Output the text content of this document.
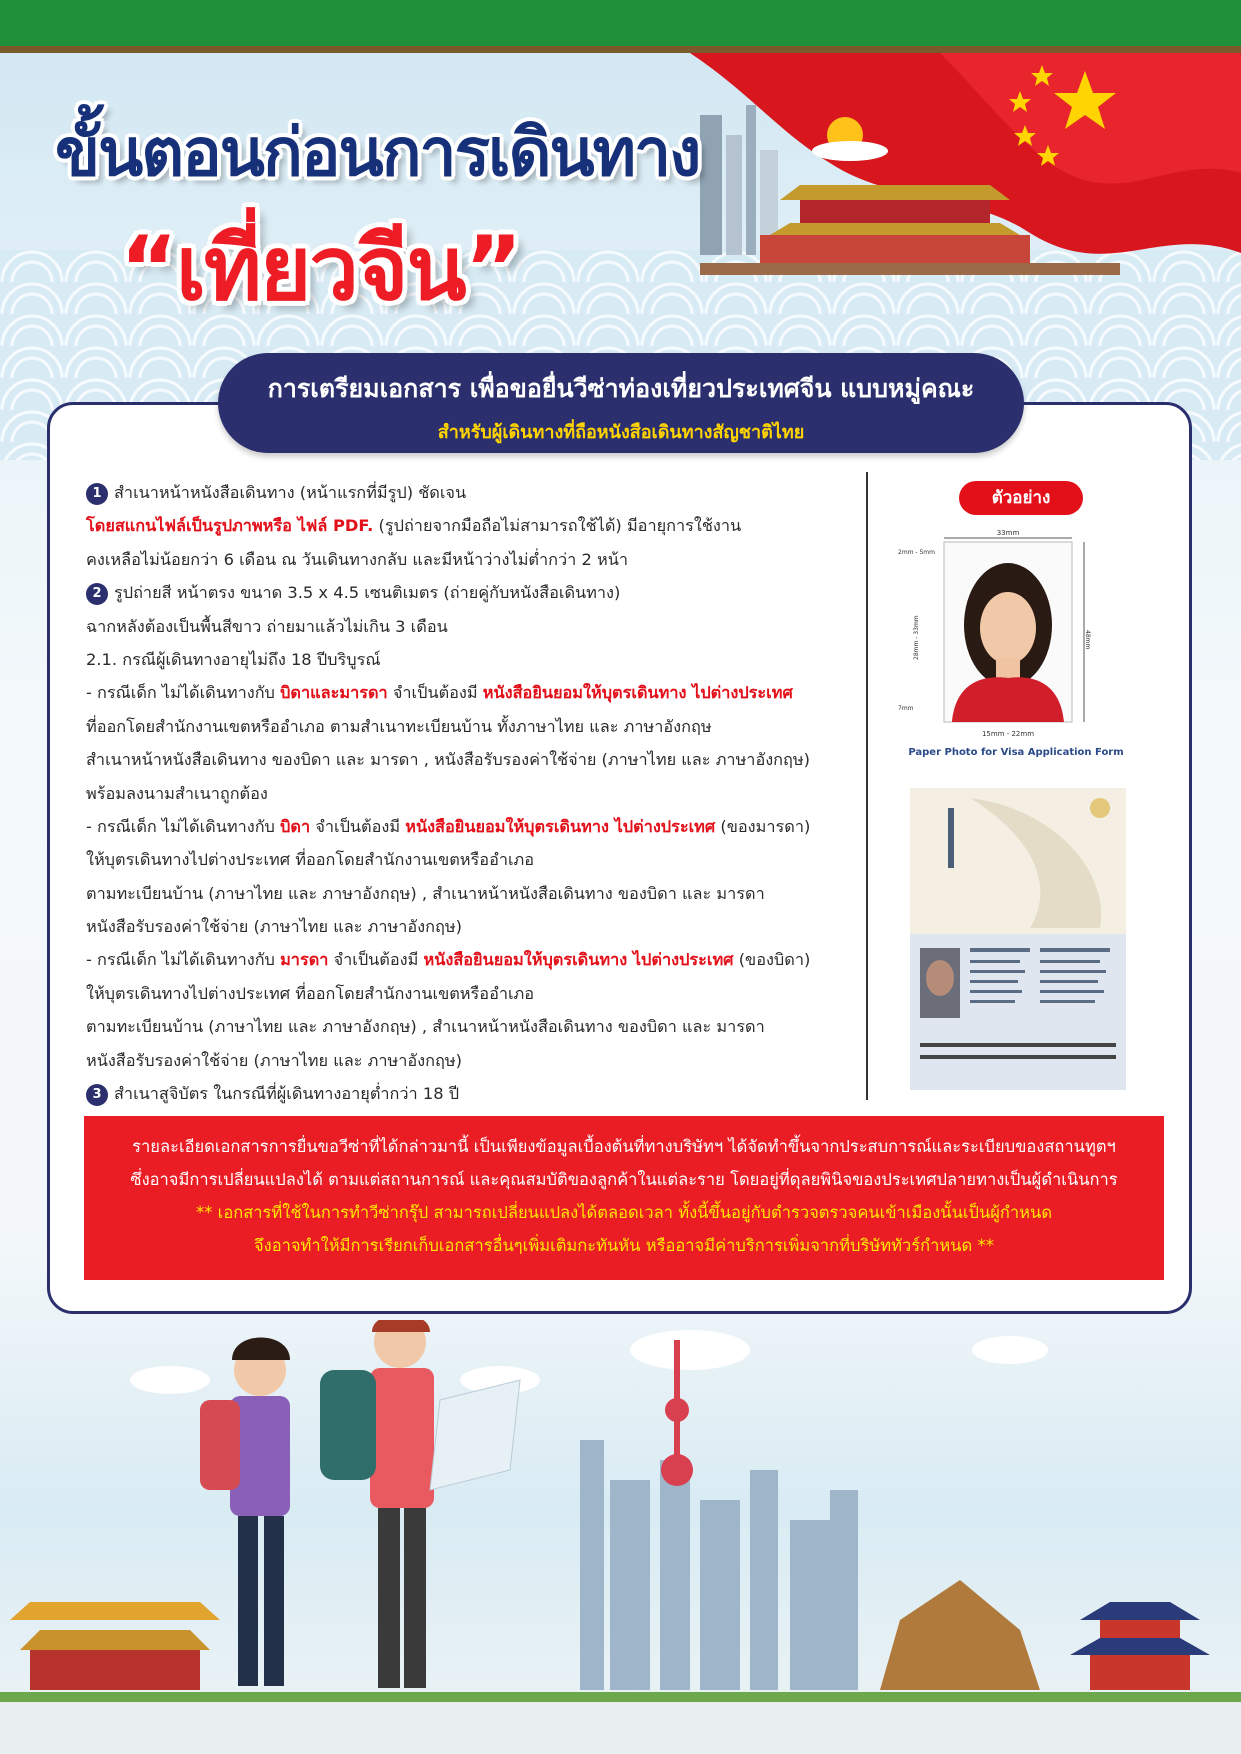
ขั้นตอนก่อนการเดินทาง
“เที่ยวจีน”
การเตรียมเอกสาร เพื่อขอยื่นวีซ่าท่องเที่ยวประเทศจีน แบบหมู่คณะ
สำหรับผู้เดินทางที่ถือหนังสือเดินทางสัญชาติไทย
1 สำเนาหน้าหนังสือเดินทาง (หน้าแรกที่มีรูป) ชัดเจน
โดยสแกนไฟล์เป็นรูปภาพหรือ ไฟล์ PDF. (รูปถ่ายจากมือถือไม่สามารถใช้ได้) มีอายุการใช้งาน
คงเหลือไม่น้อยกว่า 6 เดือน ณ วันเดินทางกลับ และมีหน้าว่างไม่ต่ำกว่า 2 หน้า
2 รูปถ่ายสี หน้าตรง ขนาด 3.5 x 4.5 เซนติเมตร (ถ่ายคู่กับหนังสือเดินทาง)
ฉากหลังต้องเป็นพื้นสีขาว ถ่ายมาแล้วไม่เกิน 3 เดือน
2.1. กรณีผู้เดินทางอายุไม่ถึง 18 ปีบริบูรณ์
- กรณีเด็ก ไม่ได้เดินทางกับ บิดาและมารดา จำเป็นต้องมี หนังสือยินยอมให้บุตรเดินทาง ไปต่างประเทศ
ที่ออกโดยสำนักงานเขตหรืออำเภอ ตามสำเนาทะเบียนบ้าน ทั้งภาษาไทย และ ภาษาอังกฤษ
สำเนาหน้าหนังสือเดินทาง ของบิดา และ มารดา , หนังสือรับรองค่าใช้จ่าย (ภาษาไทย และ ภาษาอังกฤษ)
พร้อมลงนามสำเนาถูกต้อง
- กรณีเด็ก ไม่ได้เดินทางกับ บิดา จำเป็นต้องมี หนังสือยินยอมให้บุตรเดินทาง ไปต่างประเทศ (ของมารดา)
ให้บุตรเดินทางไปต่างประเทศ ที่ออกโดยสำนักงานเขตหรืออำเภอ
ตามทะเบียนบ้าน (ภาษาไทย และ ภาษาอังกฤษ) , สำเนาหน้าหนังสือเดินทาง ของบิดา และ มารดา
หนังสือรับรองค่าใช้จ่าย (ภาษาไทย และ ภาษาอังกฤษ)
- กรณีเด็ก ไม่ได้เดินทางกับ มารดา จำเป็นต้องมี หนังสือยินยอมให้บุตรเดินทาง ไปต่างประเทศ (ของบิดา)
ให้บุตรเดินทางไปต่างประเทศ ที่ออกโดยสำนักงานเขตหรืออำเภอ
ตามทะเบียนบ้าน (ภาษาไทย และ ภาษาอังกฤษ) , สำเนาหน้าหนังสือเดินทาง ของบิดา และ มารดา
หนังสือรับรองค่าใช้จ่าย (ภาษาไทย และ ภาษาอังกฤษ)
3 สำเนาสูจิบัตร ในกรณีที่ผู้เดินทางอายุต่ำกว่า 18 ปี
ตัวอย่าง
33mm
2mm - 5mm
28mm - 33mm	48mm
7mm
15mm - 22mm
Paper Photo for Visa Application Form
รายละเอียดเอกสารการยื่นขอวีซ่าที่ได้กล่าวมานี้ เป็นเพียงข้อมูลเบื้องต้นที่ทางบริษัทฯ ได้จัดทำขึ้นจากประสบการณ์และระเบียบของสถานทูตฯ
ซึ่งอาจมีการเปลี่ยนแปลงได้ ตามแต่สถานการณ์ และคุณสมบัติของลูกค้าในแต่ละราย โดยอยู่ที่ดุลยพินิจของประเทศปลายทางเป็นผู้ดำเนินการ
** เอกสารที่ใช้ในการทำวีซ่ากรุ๊ป สามารถเปลี่ยนแปลงได้ตลอดเวลา ทั้งนี้ขึ้นอยู่กับตำรวจตรวจคนเข้าเมืองนั้นเป็นผู้กำหนด
จึงอาจทำให้มีการเรียกเก็บเอกสารอื่นๆเพิ่มเติมกะทันหัน หรืออาจมีค่าบริการเพิ่มจากที่บริษัททัวร์กำหนด **
